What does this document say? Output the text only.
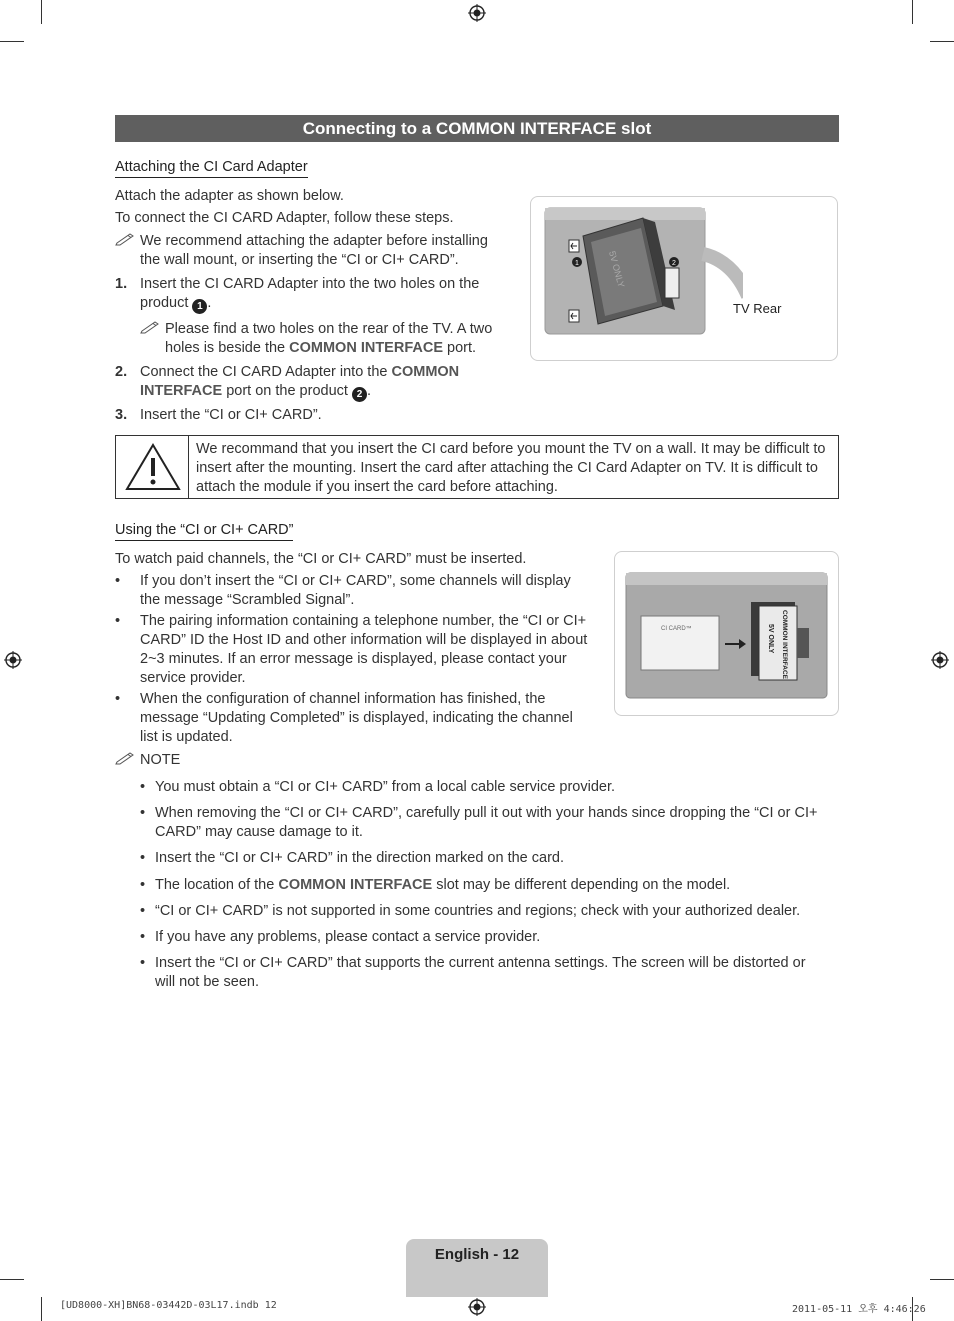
Connecting to a COMMON INTERFACE slot
Attaching the CI Card Adapter
Attach the adapter as shown below.
To connect the CI CARD Adapter, follow these steps.
We recommend attaching the adapter before installing
the wall mount, or inserting the “CI or CI+ CARD”.
1. Insert the CI CARD Adapter into the two holes on the
product 1 .
Please find a two holes on the rear of the TV. A two
holes is beside the COMMON INTERFACE port.
2. Connect the CI CARD Adapter into the COMMON
INTERFACE port on the product 2 .
3. Insert the “CI or CI+ CARD”.
5V ONLY
1	2
TV Rear
We recommand that you insert the CI card before you mount the TV on a wall. It may be difficult to
insert after the mounting. Insert the card after attaching the CI Card Adapter on TV. It is difficult to
attach the module if you insert the card before attaching.
Using the “CI or CI+ CARD”
To watch paid channels, the “CI or CI+ CARD” must be inserted.
• If you don’t insert the “CI or CI+ CARD”, some channels will display
the message “Scrambled Signal”.
• The pairing information containing a telephone number, the “CI or CI+
CARD” ID the Host ID and other information will be displayed in about
2~3 minutes. If an error message is displayed, please contact your
service provider.
• When the configuration of channel information has finished, the
message “Updating Completed” is displayed, indicating the channel
list is updated.
CI CARD™	COMMON INTERFACE
5V ONLY
NOTE
• You must obtain a “CI or CI+ CARD” from a local cable service provider.
• When removing the “CI or CI+ CARD”, carefully pull it out with your hands since dropping the “CI or CI+
CARD” may cause damage to it.
• Insert the “CI or CI+ CARD” in the direction marked on the card.
• The location of the COMMON INTERFACE slot may be different depending on the model.
• “CI or CI+ CARD” is not supported in some countries and regions; check with your authorized dealer.
• If you have any problems, please contact a service provider.
• Insert the “CI or CI+ CARD” that supports the current antenna settings. The screen will be distorted or
will not be seen.
English - 12
[UD8000-XH]BN68-03442D-03L17.indb 12	2011-05-11 오후 4:46:26
